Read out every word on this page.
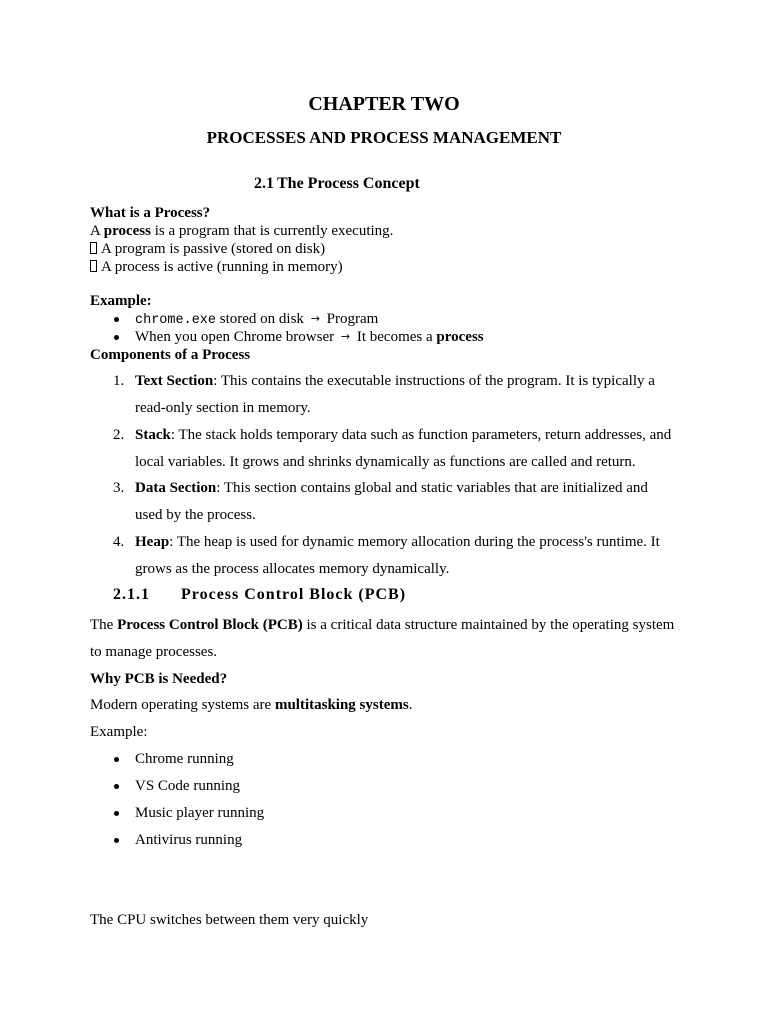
CHAPTER TWO
PROCESSES AND PROCESS MANAGEMENT
2.1 The Process Concept
What is a Process?
A process is a program that is currently executing.
A program is passive (stored on disk)
A process is active (running in memory)
Example:
chrome.exe stored on disk → Program
When you open Chrome browser → It becomes a process
Components of a Process
1. Text Section: This contains the executable instructions of the program. It is typically a
read-only section in memory.
2. Stack: The stack holds temporary data such as function parameters, return addresses, and
local variables. It grows and shrinks dynamically as functions are called and return.
3. Data Section: This section contains global and static variables that are initialized and
used by the process.
4. Heap: The heap is used for dynamic memory allocation during the process's runtime. It
grows as the process allocates memory dynamically.
2.1.1 Process Control Block (PCB)
The Process Control Block (PCB) is a critical data structure maintained by the operating system
to manage processes.
Why PCB is Needed?
Modern operating systems are multitasking systems.
Example:
Chrome running
VS Code running
Music player running
Antivirus running
The CPU switches between them very quickly
